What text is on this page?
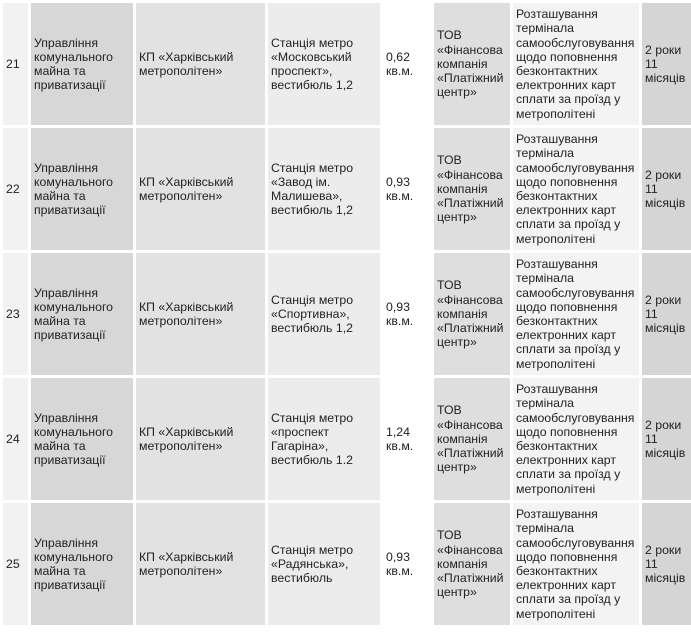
21	Управління комунального майна та приватизації	КП «Харківський метрополітен»	Станція метро «Московський проспект», вестибюль 1,2	0,62 кв.м.	ТОВ «Фінансова компанія «Платіжний центр»	Розташування терміналa самообслуговування щодо поповнення безконтактних електронних карт сплати за проїзд у метрополітені	2 роки 11 місяців

22	Управління комунального майна та приватизації	КП «Харківський метрополітен»	Станція метро «Завод ім. Малишева», вестибюль 1,2	0,93 кв.м.	ТОВ «Фінансова компанія «Платіжний центр»	Розташування терміналa самообслуговування щодо поповнення безконтактних електронних карт сплати за проїзд у метрополітені	2 роки 11 місяців

23	Управління комунального майна та приватизації	КП «Харківський метрополітен»	Станція метро «Спортивна», вестибюль 1,2	0,93 кв.м.	ТОВ «Фінансова компанія «Платіжний центр»	Розташування терміналa самообслуговування щодо поповнення безконтактних електронних карт сплати за проїзд у метрополітені	2 роки 11 місяців

24	Управління комунального майна та приватизації	КП «Харківський метрополітен»	Станція метро «проспект Гагаріна», вестибюль 1.2	1,24 кв.м.	ТОВ «Фінансова компанія «Платіжний центр»	Розташування терміналa самообслуговування щодо поповнення безконтактних електронних карт сплати за проїзд у метрополітені	2 роки 11 місяців

25	Управління комунального майна та приватизації	КП «Харківський метрополітен»	Станція метро «Радянська», вестибюль	0,93 кв.м.	ТОВ «Фінансова компанія «Платіжний центр»	Розташування терміналa самообслуговування щодо поповнення безконтактних електронних карт сплати за проїзд у метрополітені	2 роки 11 місяців
